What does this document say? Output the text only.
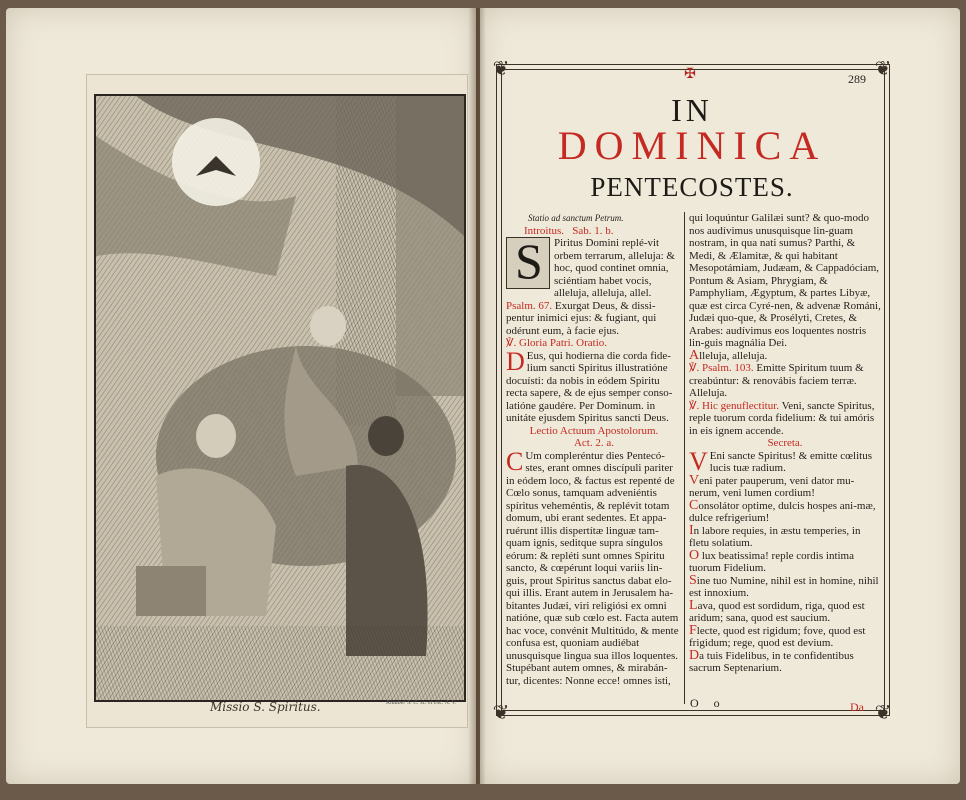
Missio S. Spiritus.	Klauber S. C. sc. et exc. A. V.
❦	❦
❦	❦
✠	289
IN
DOMINICA
PENTECOSTES.

Statio ad sanctum Petrum.

Introitus. Sab. 1. b.

S Piritus Domini replé-vit orbem terrarum, alleluja: & hoc, quod continet omnia, sciéntiam habet vocis, alleluja, alleluja, allel.

Psalm. 67. Exurgat Deus, & dissi-pentur inimici ejus: & fugiant, qui odérunt eum, à facie ejus.

℣. Gloria Patri. Oratio.

D Eus, qui hodierna die corda fide-lium sancti Spiritus illustratióne docuísti: da nobis in eódem Spiritu recta sapere, & de ejus semper conso-latióne gaudére. Per Dominum. in unitáte ejusdem Spiritus sancti Deus.

Lectio Actuum Apostolorum.

Act. 2. a.

C Um compleréntur dies Pentecó-stes, erant omnes discípuli pariter in eódem loco, & factus est repenté de Cœlo sonus, tamquam adveniéntis spíritus veheméntis, & replévit totam domum, ubi erant sedentes. Et appa-ruérunt illis dispertítæ linguæ tam-quam ignis, seditque supra síngulos eórum: & repléti sunt omnes Spiritu sancto, & cœpérunt loqui variis lin-guis, prout Spiritus sanctus dabat elo-qui illis. Erant autem in Jerusalem ha-bitantes Judæi, viri religiósi ex omni natióne, quæ sub cœlo est. Facta autem hac voce, convénit Multitúdo, & mente confusa est, quoniam audiébat unusquisque lingua sua illos loquentes. Stupébant autem omnes, & mirabán-tur, dicentes: Nonne ecce! omnes isti,

qui loquúntur Galilæi sunt? & quo-modo nos audívimus unusquisque lin-guam nostram, in qua nati sumus? Parthi, & Medi, & Ælamitæ, & qui habitant Mesopotámiam, Judæam, & Cappadóciam, Pontum & Asiam, Phrygiam, & Pamphyliam, Ægyptum, & partes Libyæ, quæ est circa Cyré-nen, & advenæ Románi, Judæi quo-que, & Prosélyti, Cretes, & Arabes: audívimus eos loquentes nostris lin-guis magnália Dei.

Alleluja, alleluja.

℣. Psalm. 103. Emitte Spiritum tuum & creabúntur: & renovábis faciem terræ. Alleluja.

℣. Hic genuflectitur. Veni, sancte Spiritus, reple tuorum corda fidelium: & tui amóris in eis ignem accende.

Secreta.

V Eni sancte Spiritus! & emitte cœlitus lucis tuæ radium.

Veni pater pauperum, veni dator mu-nerum, veni lumen cordium!

Consolátor optime, dulcis hospes ani-mæ, dulce refrigerium!

In labore requies, in æstu temperies, in fletu solatium.

O lux beatissima! reple cordis intima tuorum Fidelium.

Sine tuo Numine, nihil est in homine, nihil est innoxium.

Lava, quod est sordidum, riga, quod est aridum; sana, quod est saucium.

Flecte, quod est rigidum; fove, quod est frigidum; rege, quod est devium.

Da tuis Fidelibus, in te confidentibus sacrum Septenarium.

O o	Da
